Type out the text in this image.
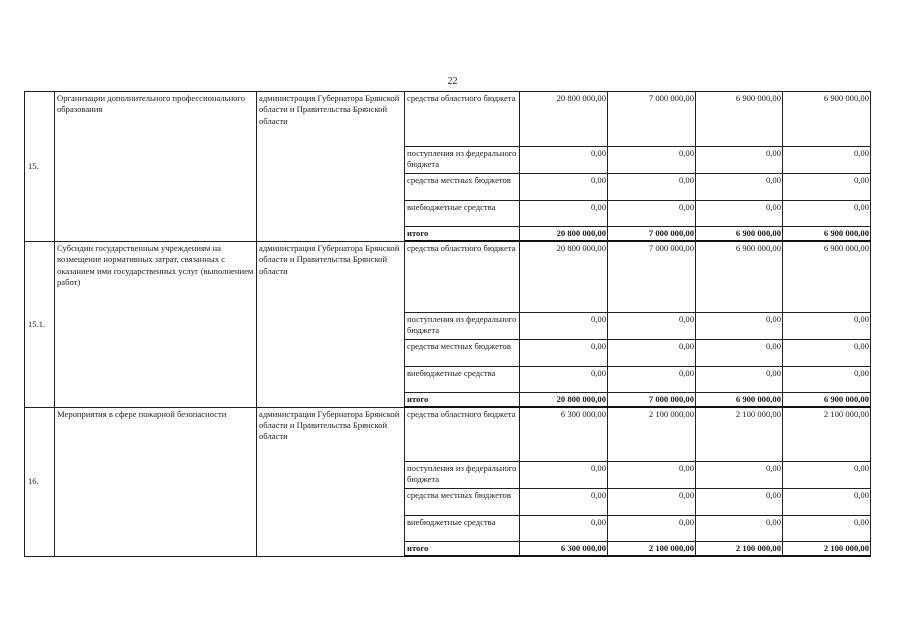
22
15.	Организации дополнительного профессионального образования	администрация Губернатора Брянской области и Правительства Брянской области	средства областного бюджета	20 800 000,00	7 000 000,00	6 900 000,00	6 900 000,00
			поступления из федерального бюджета	0,00	0,00	0,00	0,00
			средства местных бюджетов	0,00	0,00	0,00	0,00
			внебюджетные средства	0,00	0,00	0,00	0,00
			итого	20 800 000,00	7 000 000,00	6 900 000,00	6 900 000,00
15.1.	Субсидии государственным учреждениям на возмещение нормативных затрат, связанных с оказанием ими государственных услуг (выполнением работ)	администрация Губернатора Брянской области и Правительства Брянской области	средства областного бюджета	20 800 000,00	7 000 000,00	6 900 000,00	6 900 000,00
			поступления из федерального бюджета	0,00	0,00	0,00	0,00
			средства местных бюджетов	0,00	0,00	0,00	0,00
			внебюджетные средства	0,00	0,00	0,00	0,00
			итого	20 800 000,00	7 000 000,00	6 900 000,00	6 900 000,00
16.	Мероприятия в сфере пожарной безопасности	администрация Губернатора Брянской области и Правительства Брянской области	средства областного бюджета	6 300 000,00	2 100 000,00	2 100 000,00	2 100 000,00
			поступления из федерального бюджета	0,00	0,00	0,00	0,00
			средства местных бюджетов	0,00	0,00	0,00	0,00
			внебюджетные средства	0,00	0,00	0,00	0,00
			итого	6 300 000,00	2 100 000,00	2 100 000,00	2 100 000,00
